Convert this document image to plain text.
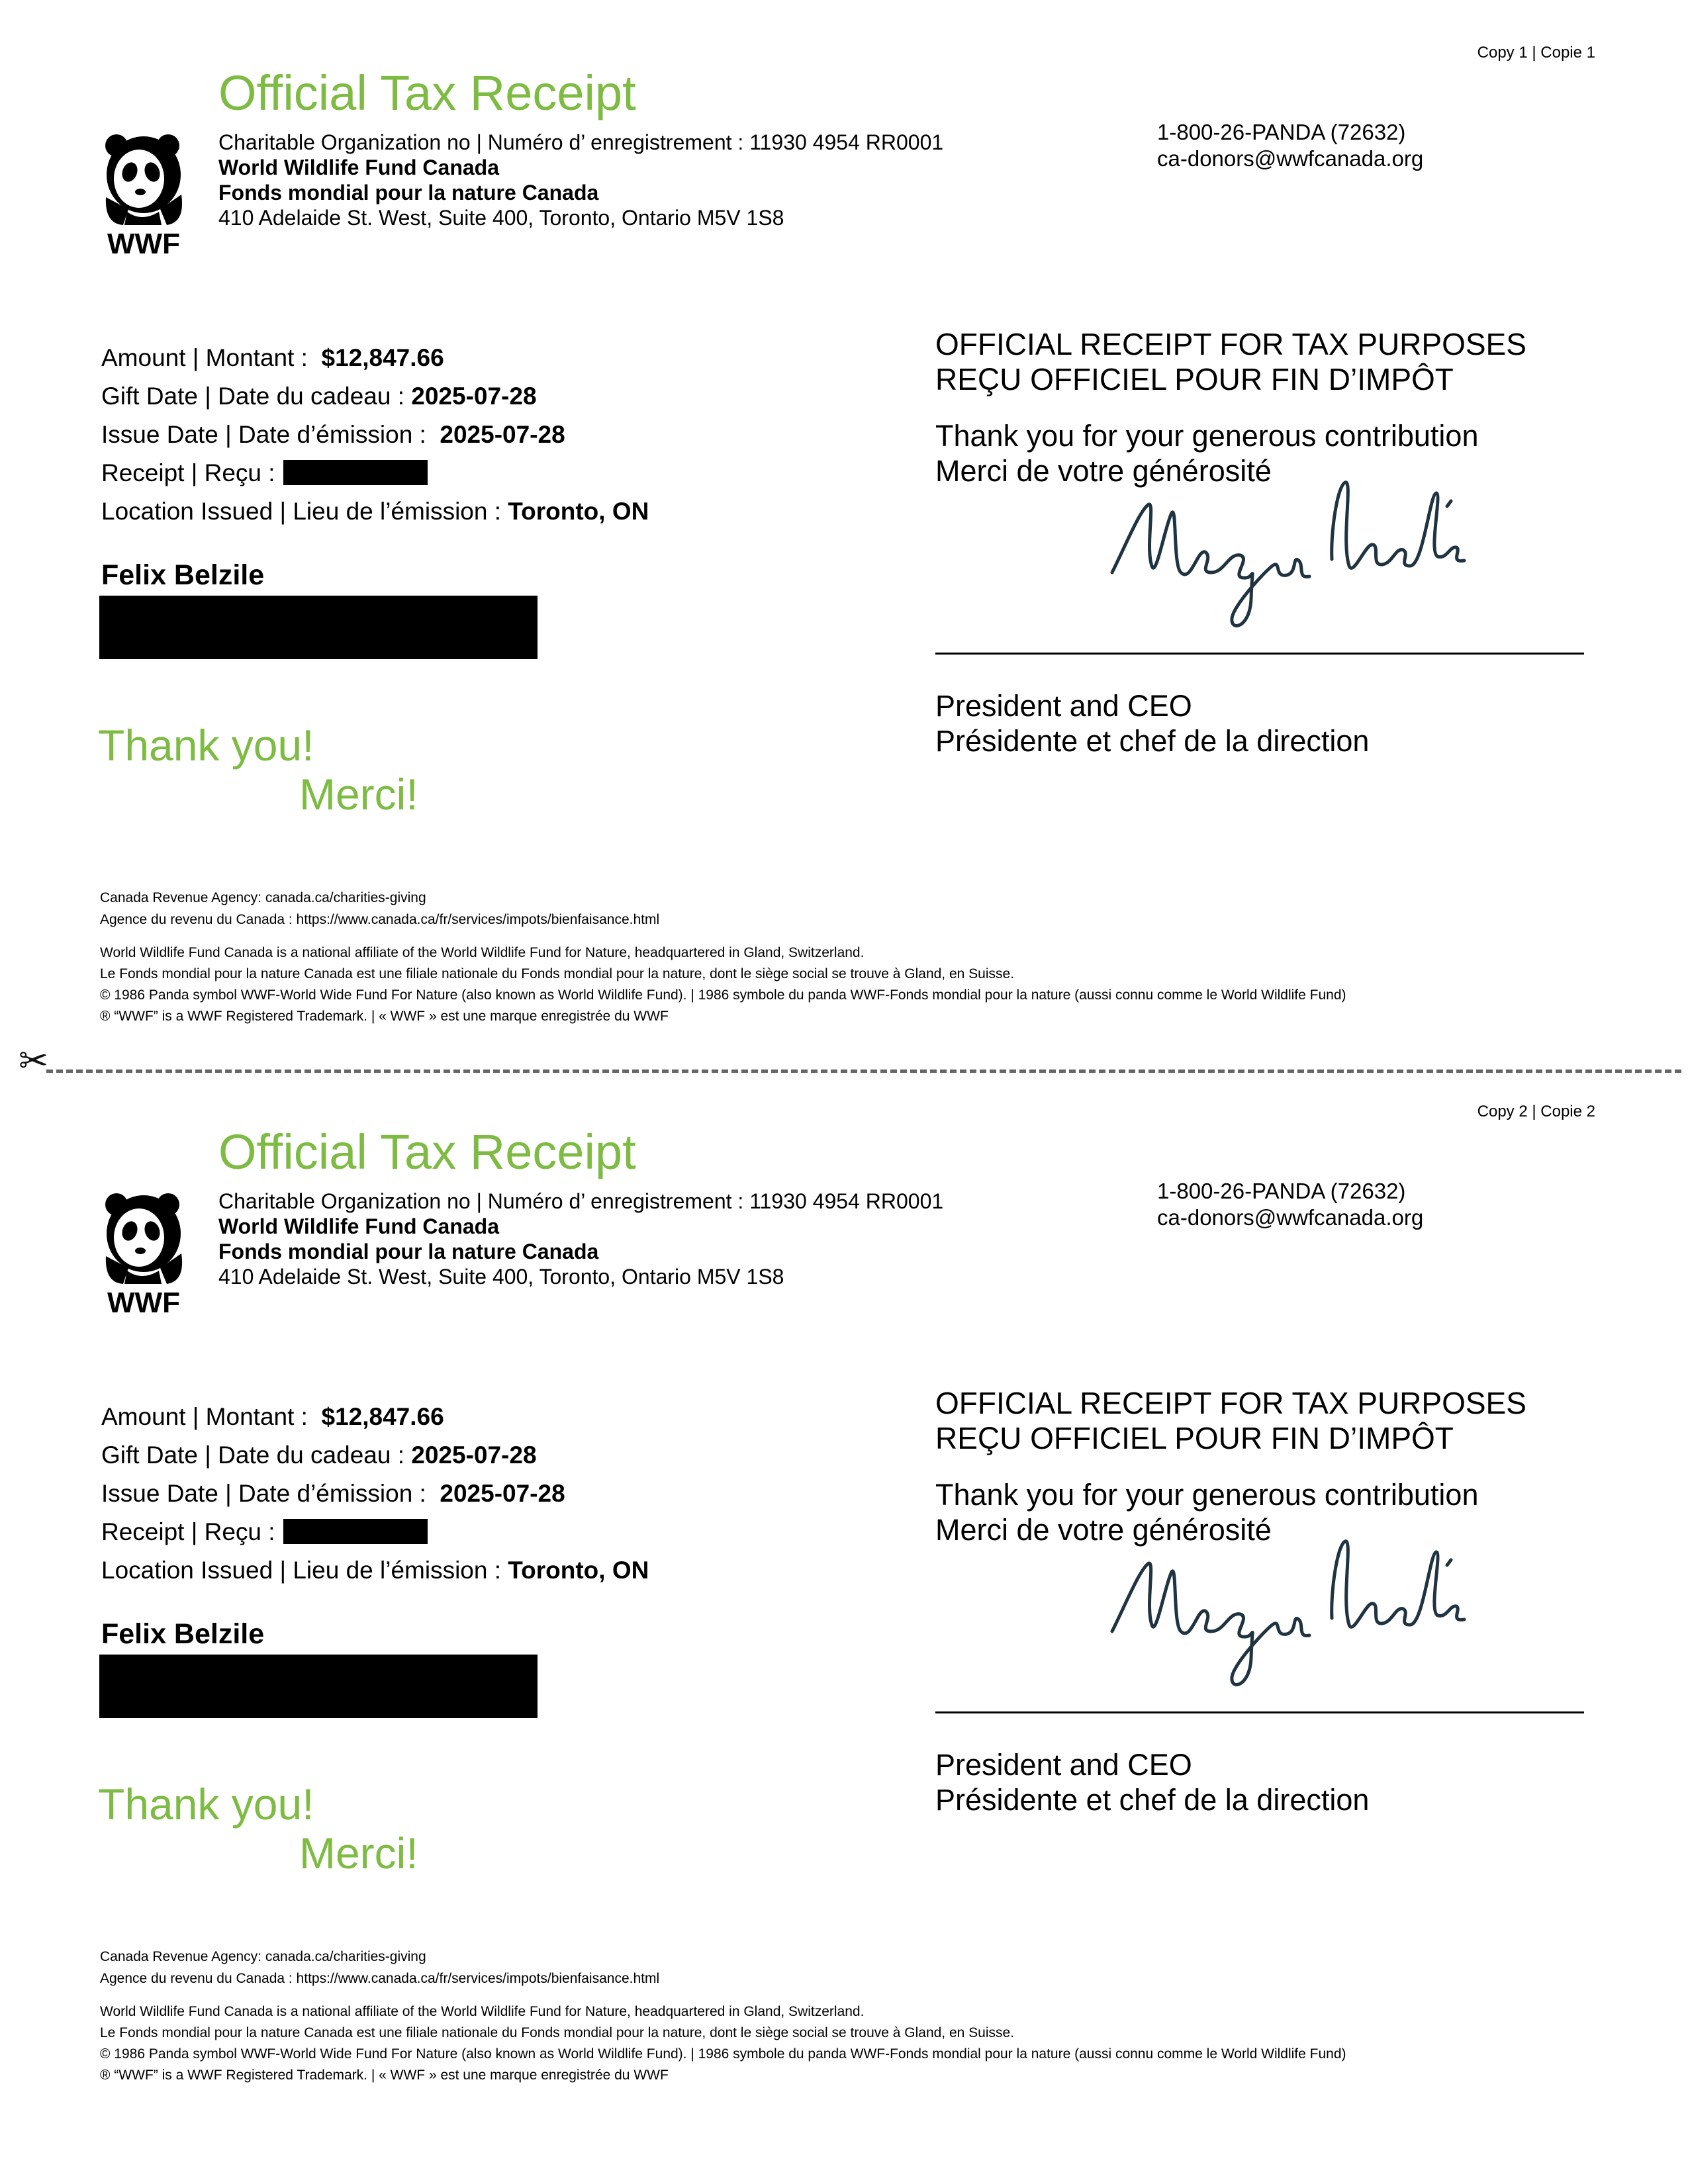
Copy 1 | Copie 1
Official Tax Receipt
WWF
Charitable Organization no | Numéro d’ enregistrement : 11930 4954 RR0001
World Wildlife Fund Canada
Fonds mondial pour la nature Canada
410 Adelaide St. West, Suite 400, Toronto, Ontario M5V 1S8
1-800-26-PANDA (72632)
ca-donors@wwfcanada.org
Amount | Montant : $12,847.66
Gift Date | Date du cadeau : 2025-07-28
Issue Date | Date d’émission : 2025-07-28
Receipt | Reçu :
Location Issued | Lieu de l’émission : Toronto, ON
Felix Belzile
Thank you!
Merci!
OFFICIAL RECEIPT FOR TAX PURPOSES
REÇU OFFICIEL POUR FIN D’IMPÔT
Thank you for your generous contribution
Merci de votre générosité
President and CEO
Présidente et chef de la direction
Canada Revenue Agency: canada.ca/charities-giving
Agence du revenu du Canada : https://www.canada.ca/fr/services/impots/bienfaisance.html
World Wildlife Fund Canada is a national affiliate of the World Wildlife Fund for Nature, headquartered in Gland, Switzerland.
Le Fonds mondial pour la nature Canada est une filiale nationale du Fonds mondial pour la nature, dont le siège social se trouve à Gland, en Suisse.
© 1986 Panda symbol WWF-World Wide Fund For Nature (also known as World Wildlife Fund). | 1986 symbole du panda WWF-Fonds mondial pour la nature (aussi connu comme le World Wildlife Fund)
® “WWF” is a WWF Registered Trademark. | « WWF » est une marque enregistrée du WWF
✂
Copy 2 | Copie 2
Official Tax Receipt
WWF
Charitable Organization no | Numéro d’ enregistrement : 11930 4954 RR0001
World Wildlife Fund Canada
Fonds mondial pour la nature Canada
410 Adelaide St. West, Suite 400, Toronto, Ontario M5V 1S8
1-800-26-PANDA (72632)
ca-donors@wwfcanada.org
Amount | Montant : $12,847.66
Gift Date | Date du cadeau : 2025-07-28
Issue Date | Date d’émission : 2025-07-28
Receipt | Reçu :
Location Issued | Lieu de l’émission : Toronto, ON
Felix Belzile
Thank you!
Merci!
OFFICIAL RECEIPT FOR TAX PURPOSES
REÇU OFFICIEL POUR FIN D’IMPÔT
Thank you for your generous contribution
Merci de votre générosité
President and CEO
Présidente et chef de la direction
Canada Revenue Agency: canada.ca/charities-giving
Agence du revenu du Canada : https://www.canada.ca/fr/services/impots/bienfaisance.html
World Wildlife Fund Canada is a national affiliate of the World Wildlife Fund for Nature, headquartered in Gland, Switzerland.
Le Fonds mondial pour la nature Canada est une filiale nationale du Fonds mondial pour la nature, dont le siège social se trouve à Gland, en Suisse.
© 1986 Panda symbol WWF-World Wide Fund For Nature (also known as World Wildlife Fund). | 1986 symbole du panda WWF-Fonds mondial pour la nature (aussi connu comme le World Wildlife Fund)
® “WWF” is a WWF Registered Trademark. | « WWF » est une marque enregistrée du WWF
